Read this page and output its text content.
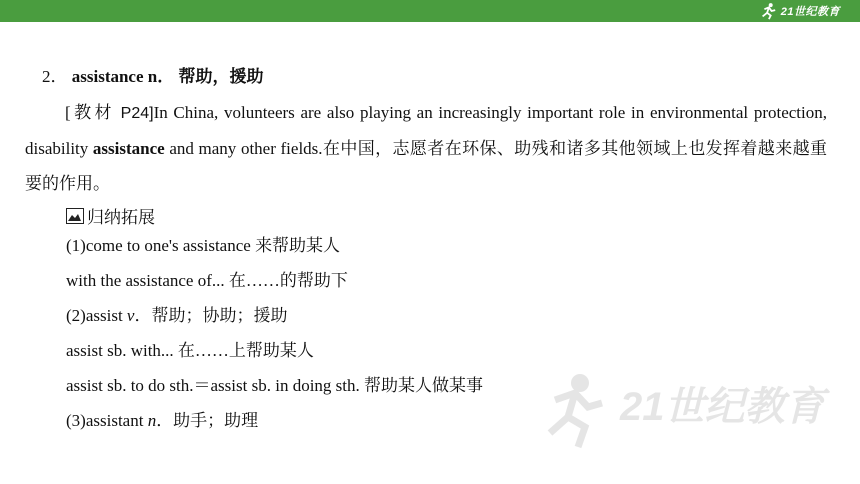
21世纪教育
2． assistance n． 帮助，援助
[教材 P24]In China, volunteers are also playing an increasingly important role in environmental protection, disability assistance and many other fields.在中国，志愿者在环保、助残和诸多其他领域上也发挥着越来越重要的作用。
归纳拓展
(1)come to one's assistance 来帮助某人
with the assistance of... 在……的帮助下
(2)assist v．帮助；协助；援助
assist sb. with... 在……上帮助某人
assist sb. to do sth.＝assist sb. in doing sth. 帮助某人做某事
(3)assistant n．助手；助理	21世纪教育
